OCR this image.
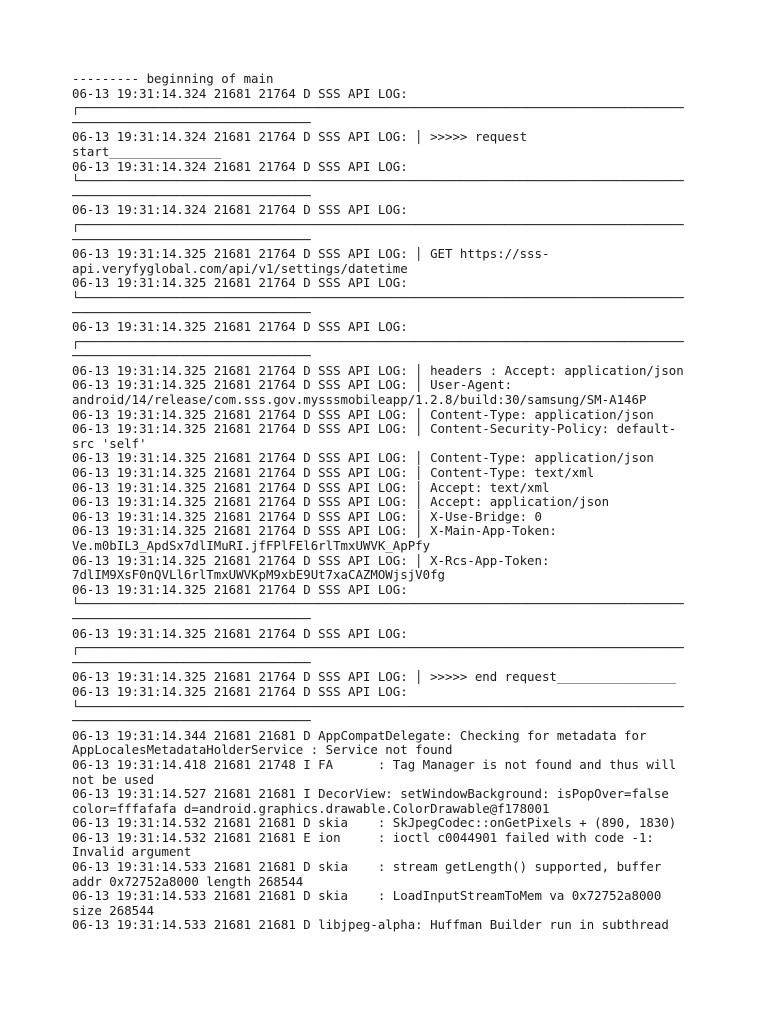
--------- beginning of main
06-13 19:31:14.324 21681 21764 D SSS API LOG:
┌─────────────────────────────────────────────────────────────────────────────────
────────────────────────────────
06-13 19:31:14.324 21681 21764 D SSS API LOG: │ >>>>> request
start_______________
06-13 19:31:14.324 21681 21764 D SSS API LOG:
└─────────────────────────────────────────────────────────────────────────────────
────────────────────────────────
06-13 19:31:14.324 21681 21764 D SSS API LOG:
┌─────────────────────────────────────────────────────────────────────────────────
────────────────────────────────
06-13 19:31:14.325 21681 21764 D SSS API LOG: │ GET https://sss-
api.veryfyglobal.com/api/v1/settings/datetime
06-13 19:31:14.325 21681 21764 D SSS API LOG:
└─────────────────────────────────────────────────────────────────────────────────
────────────────────────────────
06-13 19:31:14.325 21681 21764 D SSS API LOG:
┌─────────────────────────────────────────────────────────────────────────────────
────────────────────────────────
06-13 19:31:14.325 21681 21764 D SSS API LOG: │ headers : Accept: application/json
06-13 19:31:14.325 21681 21764 D SSS API LOG: │ User-Agent:
android/14/release/com.sss.gov.mysssmobileapp/1.2.8/build:30/samsung/SM-A146P
06-13 19:31:14.325 21681 21764 D SSS API LOG: │ Content-Type: application/json
06-13 19:31:14.325 21681 21764 D SSS API LOG: │ Content-Security-Policy: default-
src 'self'
06-13 19:31:14.325 21681 21764 D SSS API LOG: │ Content-Type: application/json
06-13 19:31:14.325 21681 21764 D SSS API LOG: │ Content-Type: text/xml
06-13 19:31:14.325 21681 21764 D SSS API LOG: │ Accept: text/xml
06-13 19:31:14.325 21681 21764 D SSS API LOG: │ Accept: application/json
06-13 19:31:14.325 21681 21764 D SSS API LOG: │ X-Use-Bridge: 0
06-13 19:31:14.325 21681 21764 D SSS API LOG: │ X-Main-App-Token:
Ve.m0bIL3_ApdSx7dlIMuRI.jfFPlFEl6rlTmxUWVK_ApPfy
06-13 19:31:14.325 21681 21764 D SSS API LOG: │ X-Rcs-App-Token:
7dlIM9XsF0nQVLl6rlTmxUWVKpM9xbE9Ut7xaCAZMOWjsjV0fg
06-13 19:31:14.325 21681 21764 D SSS API LOG:
└─────────────────────────────────────────────────────────────────────────────────
────────────────────────────────
06-13 19:31:14.325 21681 21764 D SSS API LOG:
┌─────────────────────────────────────────────────────────────────────────────────
────────────────────────────────
06-13 19:31:14.325 21681 21764 D SSS API LOG: │ >>>>> end request________________
06-13 19:31:14.325 21681 21764 D SSS API LOG:
└─────────────────────────────────────────────────────────────────────────────────
────────────────────────────────
06-13 19:31:14.344 21681 21681 D AppCompatDelegate: Checking for metadata for
AppLocalesMetadataHolderService : Service not found
06-13 19:31:14.418 21681 21748 I FA      : Tag Manager is not found and thus will
not be used
06-13 19:31:14.527 21681 21681 I DecorView: setWindowBackground: isPopOver=false
color=fffafafa d=android.graphics.drawable.ColorDrawable@f178001
06-13 19:31:14.532 21681 21681 D skia    : SkJpegCodec::onGetPixels + (890, 1830)
06-13 19:31:14.532 21681 21681 E ion     : ioctl c0044901 failed with code -1:
Invalid argument
06-13 19:31:14.533 21681 21681 D skia    : stream getLength() supported, buffer
addr 0x72752a8000 length 268544
06-13 19:31:14.533 21681 21681 D skia    : LoadInputStreamToMem va 0x72752a8000
size 268544
06-13 19:31:14.533 21681 21681 D libjpeg-alpha: Huffman Builder run in subthread
